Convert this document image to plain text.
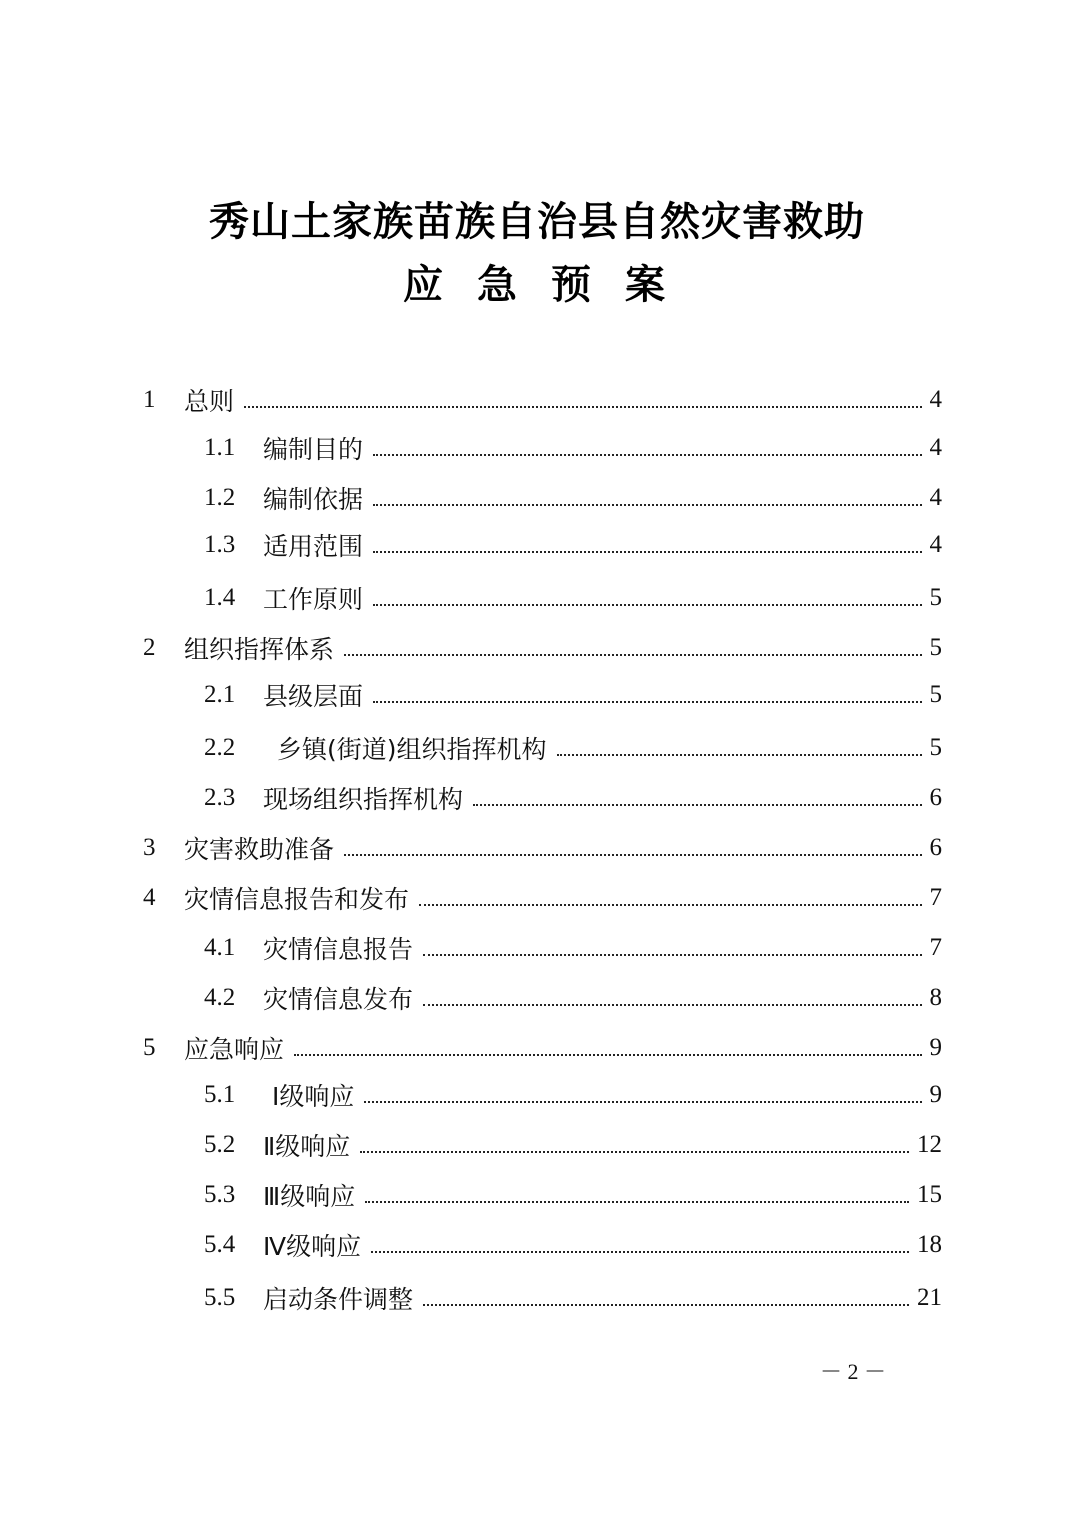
秀山土家族苗族自治县自然灾害救助
应急预案
1	总则	4
1.1	编制目的	4
1.2	编制依据	4
1.3	适用范围	4
1.4	工作原则	5
2	组织指挥体系	5
2.1	县级层面	5
2.2	乡镇(街道)组织指挥机构	5
2.3	现场组织指挥机构	6
3	灾害救助准备	6
4	灾情信息报告和发布	7
4.1	灾情信息报告	7
4.2	灾情信息发布	8
5	应急响应	9
5.1	Ⅰ级响应	9
5.2	Ⅱ级响应	12
5.3	Ⅲ级响应	15
5.4	Ⅳ级响应	18
5.5	启动条件调整	21
－ 2 －
